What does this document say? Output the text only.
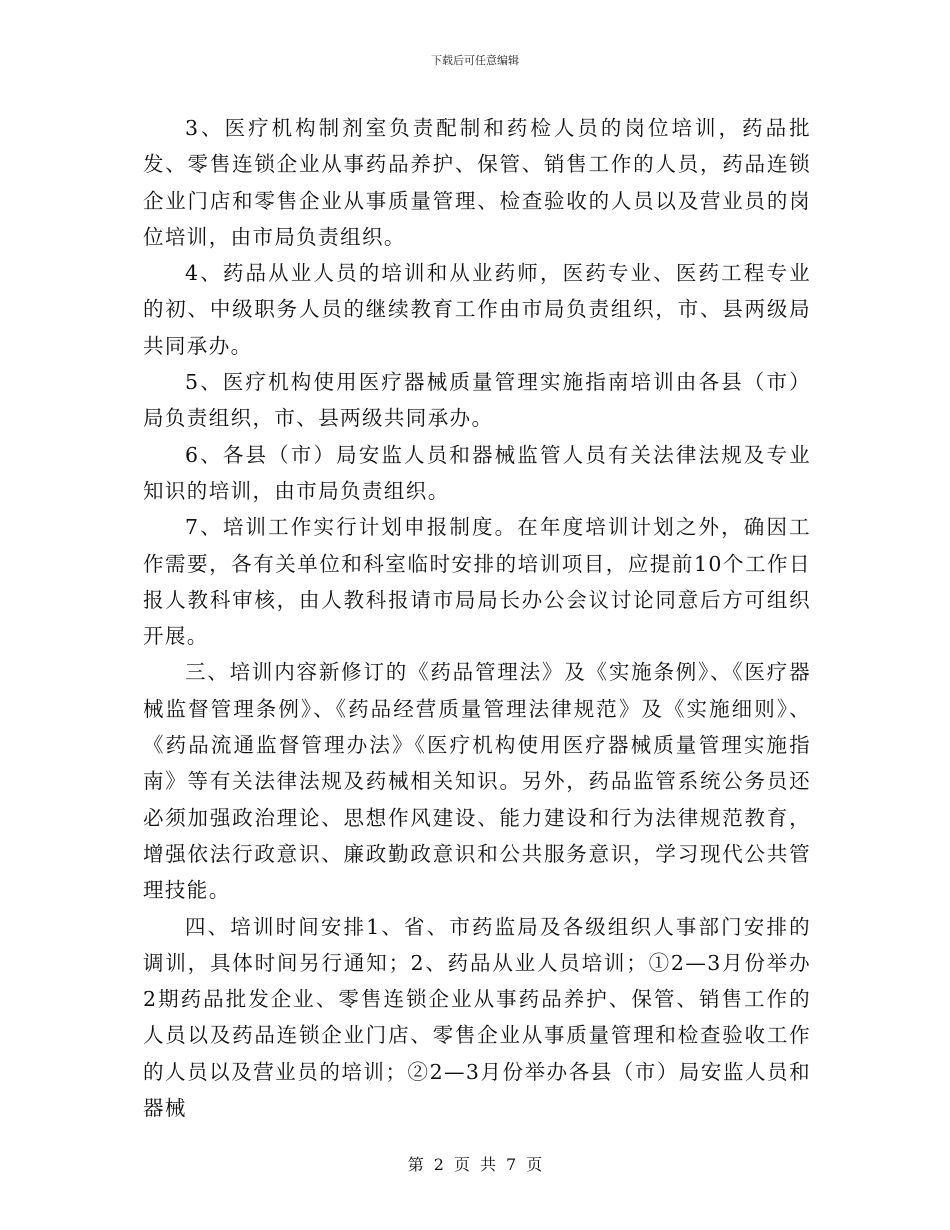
下载后可任意编辑

3、医疗机构制剂室负责配制和药检人员的岗位培训，药品批发、零售连锁企业从事药品养护、保管、销售工作的人员，药品连锁企业门店和零售企业从事质量管理、检查验收的人员以及营业员的岗位培训，由市局负责组织。

4、药品从业人员的培训和从业药师，医药专业、医药工程专业的初、中级职务人员的继续教育工作由市局负责组织，市、县两级局共同承办。

5、医疗机构使用医疗器械质量管理实施指南培训由各县（市）局负责组织，市、县两级共同承办。

6、各县（市）局安监人员和器械监管人员有关法律法规及专业知识的培训，由市局负责组织。

7、培训工作实行计划申报制度。在年度培训计划之外，确因工作需要，各有关单位和科室临时安排的培训项目，应提前10个工作日报人教科审核，由人教科报请市局局长办公会议讨论同意后方可组织开展。

三、培训内容新修订的《药品管理法》及《实施条例》、《医疗器械监督管理条例》、《药品经营质量管理法律规范》及《实施细则》、《药品流通监督管理办法》《医疗机构使用医疗器械质量管理实施指南》等有关法律法规及药械相关知识。另外，药品监管系统公务员还必须加强政治理论、思想作风建设、能力建设和行为法律规范教育，增强依法行政意识、廉政勤政意识和公共服务意识，学习现代公共管理技能。

四、培训时间安排1、省、市药监局及各级组织人事部门安排的调训，具体时间另行通知；2、药品从业人员培训；①2—3月份举办2期药品批发企业、零售连锁企业从事药品养护、保管、销售工作的人员以及药品连锁企业门店、零售企业从事质量管理和检查验收工作的人员以及营业员的培训；②2—3月份举办各县（市）局安监人员和器械

第 2 页 共 7 页
